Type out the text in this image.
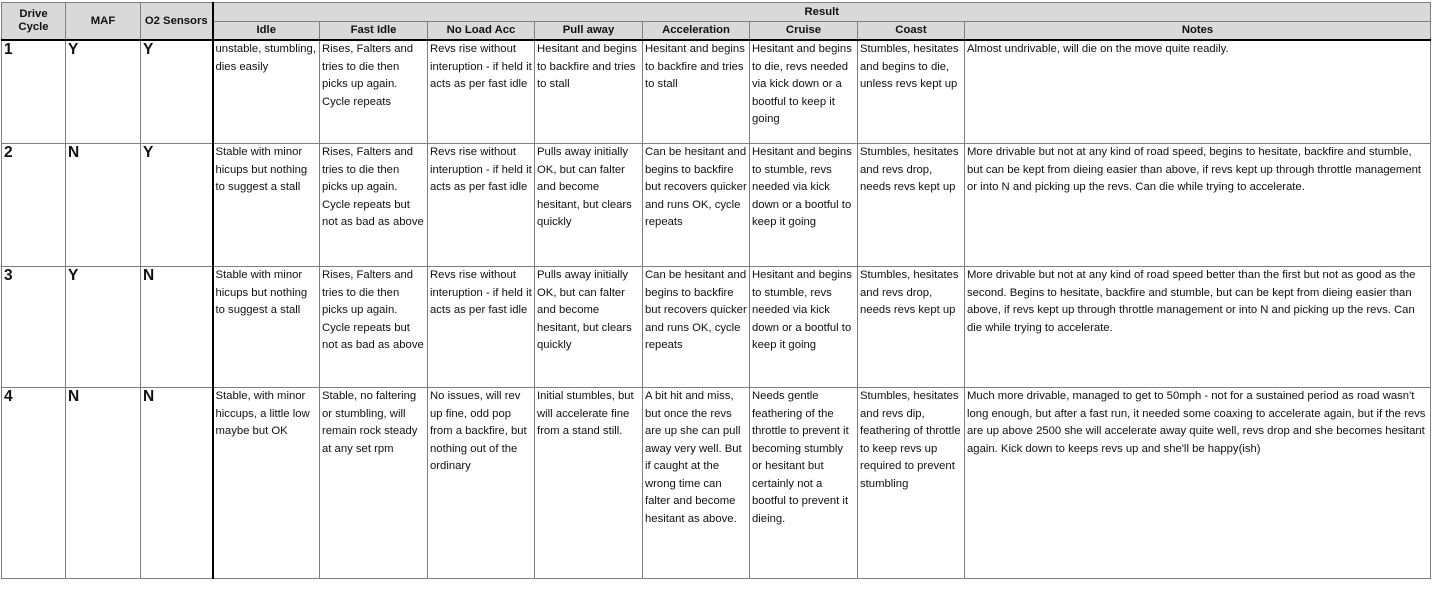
Drive Cycle	MAF	O2 Sensors	Result							
			Idle	Fast Idle	No Load Acc	Pull away	Acceleration	Cruise	Coast	Notes
1	Y	Y	unstable, stumbling, dies easily	Rises, Falters and tries to die then picks up again. Cycle repeats	Revs rise without interuption - if held it acts as per fast idle	Hesitant and begins to backfire and tries to stall	Hesitant and begins to backfire and tries to stall	Hesitant and begins to die, revs needed via kick down or a bootful to keep it going	Stumbles, hesitates and begins to die, unless revs kept up	Almost undrivable, will die on the move quite readily.
2	N	Y	Stable with minor hicups but nothing to suggest a stall	Rises, Falters and tries to die then picks up again. Cycle repeats but not as bad as above	Revs rise without interuption - if held it acts as per fast idle	Pulls away initially OK, but can falter and become hesitant, but clears quickly	Can be hesitant and begins to backfire but recovers quicker and runs OK, cycle repeats	Hesitant and begins to stumble, revs needed via kick down or a bootful to keep it going	Stumbles, hesitates and revs drop, needs revs kept up	More drivable but not at any kind of road speed, begins to hesitate, backfire and stumble, but can be kept from dieing easier than above, if revs kept up through throttle management or into N and picking up the revs. Can die while trying to accelerate.
3	Y	N	Stable with minor hicups but nothing to suggest a stall	Rises, Falters and tries to die then picks up again. Cycle repeats but not as bad as above	Revs rise without interuption - if held it acts as per fast idle	Pulls away initially OK, but can falter and become hesitant, but clears quickly	Can be hesitant and begins to backfire but recovers quicker and runs OK, cycle repeats	Hesitant and begins to stumble, revs needed via kick down or a bootful to keep it going	Stumbles, hesitates and revs drop, needs revs kept up	More drivable but not at any kind of road speed better than the first but not as good as the second. Begins to hesitate, backfire and stumble, but can be kept from dieing easier than above, if revs kept up through throttle management or into N and picking up the revs. Can die while trying to accelerate.
4	N	N	Stable, with minor hiccups, a little low maybe but OK	Stable, no faltering or stumbling, will remain rock steady at any set rpm	No issues, will rev up fine, odd pop from a backfire, but nothing out of the ordinary	Initial stumbles, but will accelerate fine from a stand still.	A bit hit and miss, but once the revs are up she can pull away very well. But if caught at the wrong time can falter and become hesitant as above.	Needs gentle feathering of the throttle to prevent it becoming stumbly or hesitant but certainly not a bootful to prevent it dieing.	Stumbles, hesitates and revs dip, feathering of throttle to keep revs up required to prevent stumbling	Much more drivable, managed to get to 50mph - not for a sustained period as road wasn't long enough, but after a fast run, it needed some coaxing to accelerate again, but if the revs are up above 2500 she will accelerate away quite well, revs drop and she becomes hesitant again. Kick down to keeps revs up and she'll be happy(ish)
